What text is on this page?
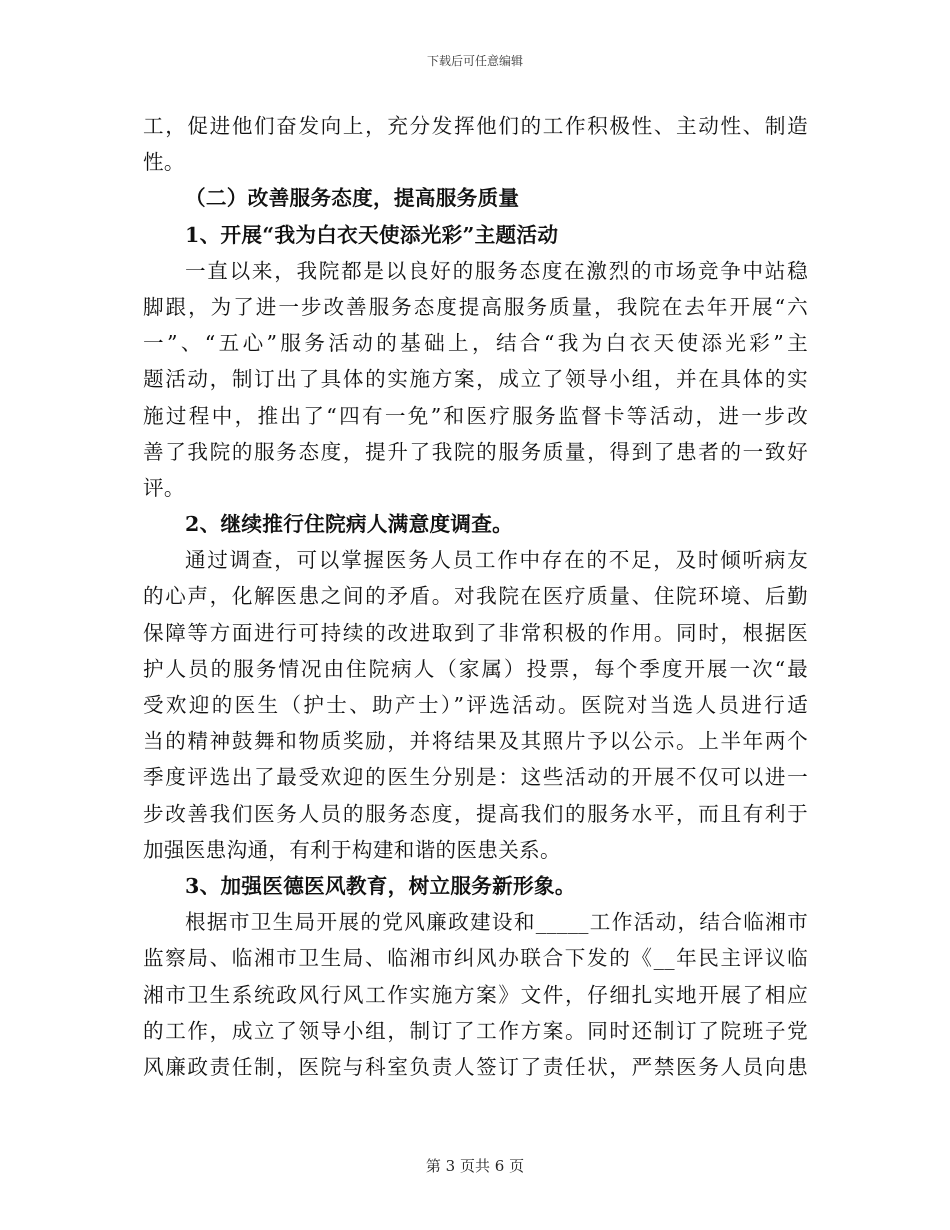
下载后可任意编辑
工，促进他们奋发向上，充分发挥他们的工作积极性、主动性、制造
性。
（二）改善服务态度，提高服务质量
1、开展“我为白衣天使添光彩”主题活动
一直以来，我院都是以良好的服务态度在激烈的市场竞争中站稳
脚跟，为了进一步改善服务态度提高服务质量，我院在去年开展“六
一”、“五心”服务活动的基础上，结合“我为白衣天使添光彩”主
题活动，制订出了具体的实施方案，成立了领导小组，并在具体的实
施过程中，推出了“四有一免”和医疗服务监督卡等活动，进一步改
善了我院的服务态度，提升了我院的服务质量，得到了患者的一致好
评。
2、继续推行住院病人满意度调查。
通过调查，可以掌握医务人员工作中存在的不足，及时倾听病友
的心声，化解医患之间的矛盾。对我院在医疗质量、住院环境、后勤
保障等方面进行可持续的改进取到了非常积极的作用。同时，根据医
护人员的服务情况由住院病人（家属）投票，每个季度开展一次“最
受欢迎的医生（护士、助产士）”评选活动。医院对当选人员进行适
当的精神鼓舞和物质奖励，并将结果及其照片予以公示。上半年两个
季度评选出了最受欢迎的医生分别是：这些活动的开展不仅可以进一
步改善我们医务人员的服务态度，提高我们的服务水平，而且有利于
加强医患沟通，有利于构建和谐的医患关系。
3、加强医德医风教育，树立服务新形象。
根据市卫生局开展的党风廉政建设和_____工作活动，结合临湘市
监察局、临湘市卫生局、临湘市纠风办联合下发的《__年民主评议临
湘市卫生系统政风行风工作实施方案》文件，仔细扎实地开展了相应
的工作，成立了领导小组，制订了工作方案。同时还制订了院班子党
风廉政责任制，医院与科室负责人签订了责任状，严禁医务人员向患
第 3 页共 6 页
